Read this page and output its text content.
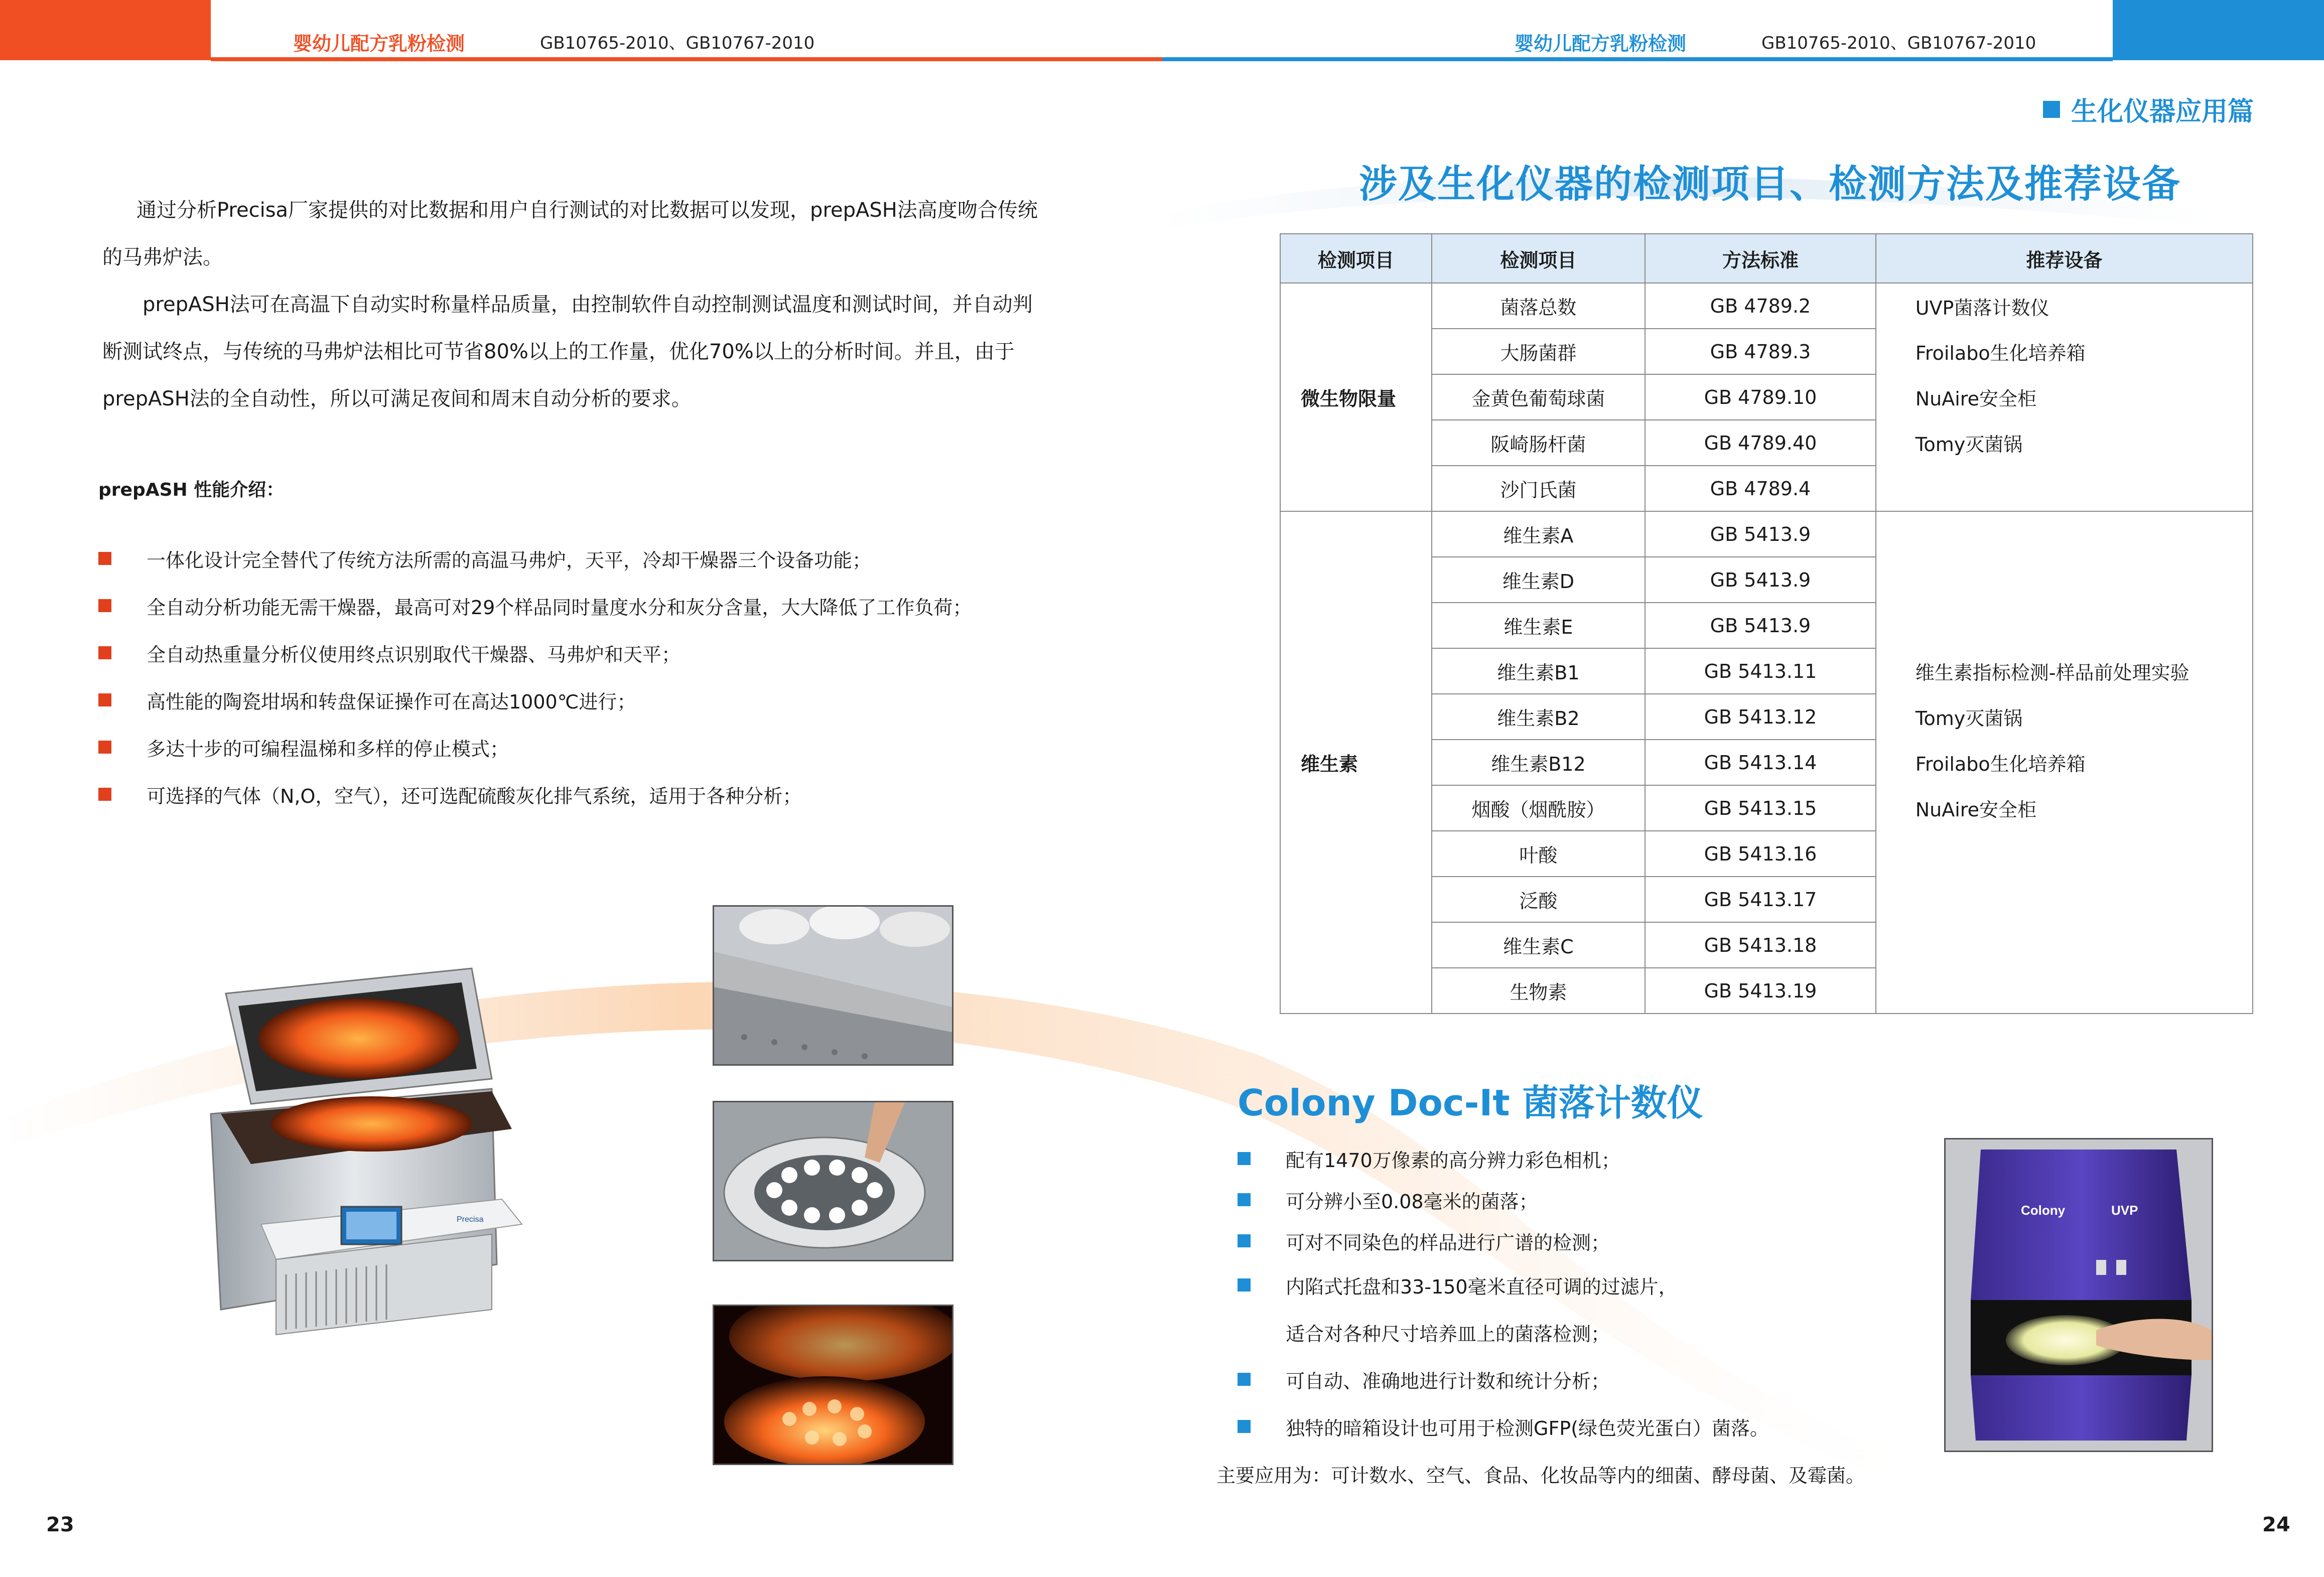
婴幼儿配方乳粉检测	GB10765-2010、GB10767-2010	婴幼儿配方乳粉检测	GB10765-2010、GB10767-2010
通过分析Precisa厂家提供的对比数据和用户自行测试的对比数据可以发现，prepASH法高度吻合传统
的马弗炉法。
prepASH法可在高温下自动实时称量样品质量，由控制软件自动控制测试温度和测试时间，并自动判
断测试终点，与传统的马弗炉法相比可节省80%以上的工作量，优化70%以上的分析时间。并且，由于
prepASH法的全自动性，所以可满足夜间和周末自动分析的要求。
prepASH 性能介绍：
一体化设计完全替代了传统方法所需的高温马弗炉，天平，冷却干燥器三个设备功能；
全自动分析功能无需干燥器，最高可对29个样品同时量度水分和灰分含量，大大降低了工作负荷；
全自动热重量分析仪使用终点识别取代干燥器、马弗炉和天平；
高性能的陶瓷坩埚和转盘保证操作可在高达1000℃进行；
多达十步的可编程温梯和多样的停止模式；
可选择的气体（N,O，空气），还可选配硫酸灰化排气系统，适用于各种分析；
Precisa
23
生化仪器应用篇
涉及生化仪器的检测项目、检测方法及推荐设备
检测项目	检测项目	方法标准	推荐设备
微生物限量	菌落总数	GB 4789.2	UVP菌落计数仪
	大肠菌群	GB 4789.3	Froilabo生化培养箱
	金黄色葡萄球菌	GB 4789.10	NuAire安全柜
	阪崎肠杆菌	GB 4789.40	Tomy灭菌锅
	沙门氏菌	GB 4789.4	
维生素	维生素A	GB 5413.9	
	维生素D	GB 5413.9	
	维生素E	GB 5413.9	
	维生素B1	GB 5413.11	维生素指标检测-样品前处理实验
	维生素B2	GB 5413.12	Tomy灭菌锅
	维生素B12	GB 5413.14	Froilabo生化培养箱
	烟酸（烟酰胺）	GB 5413.15	NuAire安全柜
	叶酸	GB 5413.16	
	泛酸	GB 5413.17	
	维生素C	GB 5413.18	
	生物素	GB 5413.19	
Colony Doc-It 菌落计数仪
配有1470万像素的高分辨力彩色相机；
可分辨小至0.08毫米的菌落；
可对不同染色的样品进行广谱的检测；
内陷式托盘和33-150毫米直径可调的过滤片，
适合对各种尺寸培养皿上的菌落检测；
可自动、准确地进行计数和统计分析；
独特的暗箱设计也可用于检测GFP(绿色荧光蛋白）菌落。
主要应用为：可计数水、空气、食品、化妆品等内的细菌、酵母菌、及霉菌。
Colony	UVP
24
